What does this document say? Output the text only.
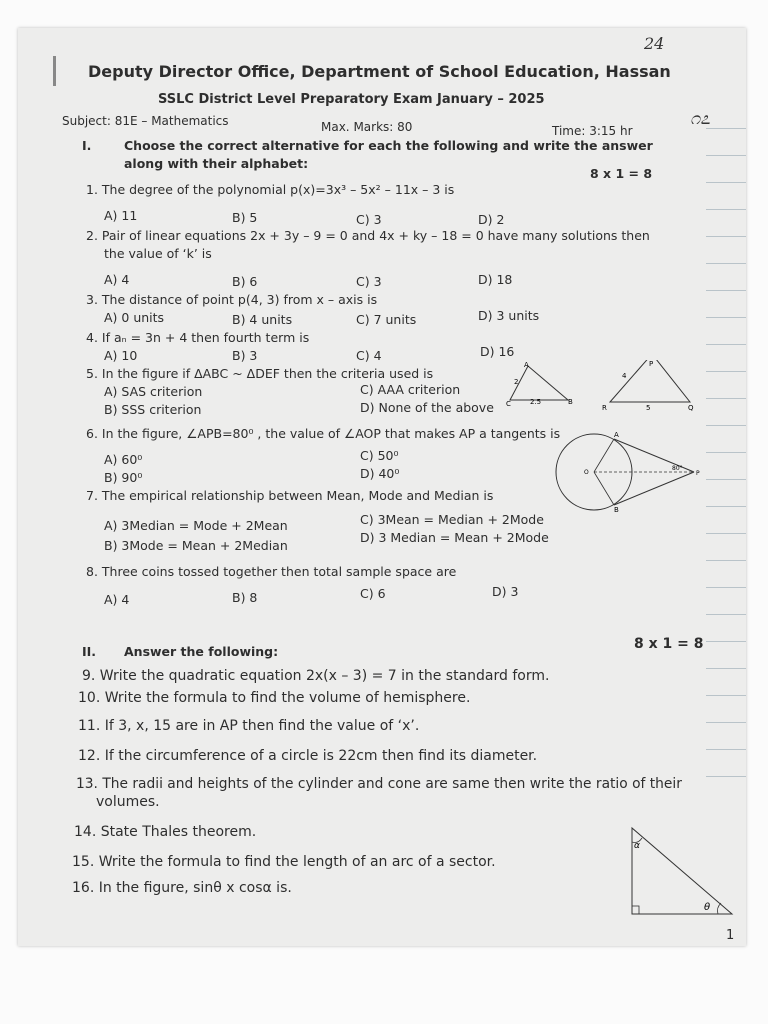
24
೧೭
Deputy Director Office, Department of School Education, Hassan
SSLC District Level Preparatory Exam January – 2025
Subject: 81E – Mathematics	Max. Marks: 80	Time: 3:15 hr
I.	Choose the correct alternative for each the following and write the answer
along with their alphabet:
8 x 1 = 8
1. The degree of the polynomial p(x)=3x³ – 5x² – 11x – 3 is
A) 11	B) 5	C) 3	D) 2
2. Pair of linear equations 2x + 3y – 9 = 0 and 4x + ky – 18 = 0 have many solutions then
the value of ‘k’ is
A) 4	B) 6	C) 3	D) 18
3. The distance of point p(4, 3) from x – axis is
A) 0 units	B) 4 units	C) 7 units	D) 3 units
4. If aₙ = 3n + 4 then fourth term is
A) 10	B) 3	C) 4	D) 16
5. In the figure if ΔABC ~ ΔDEF then the criteria used is
A) SAS criterion
B) SSS criterion
C) AAA criterion
D) None of the above
A
C	B
2
2.5
P
R	Q
4
5
6. In the figure, ∠APB=80⁰ , the value of ∠AOP that makes AP a tangents is
A) 60⁰
B) 90⁰
C) 50⁰
D) 40⁰
A
B
O	P
80°
7. The empirical relationship between Mean, Mode and Median is
A) 3Median = Mode + 2Mean
B) 3Mode = Mean + 2Median
C) 3Mean = Median + 2Mode
D) 3 Median = Mean + 2Mode
8. Three coins tossed together then total sample space are
A) 4	B) 8	C) 6	D) 3
II. Answer the following:	8 x 1 = 8
9. Write the quadratic equation 2x(x – 3) = 7 in the standard form.
10. Write the formula to find the volume of hemisphere.
11. If 3, x, 15 are in AP then find the value of ‘x’.
12. If the circumference of a circle is 22cm then find its diameter.
13. The radii and heights of the cylinder and cone are same then write the ratio of their
volumes.
14. State Thales theorem.
15. Write the formula to find the length of an arc of a sector.
16. In the figure, sinθ x cosα is.
α
θ
1
